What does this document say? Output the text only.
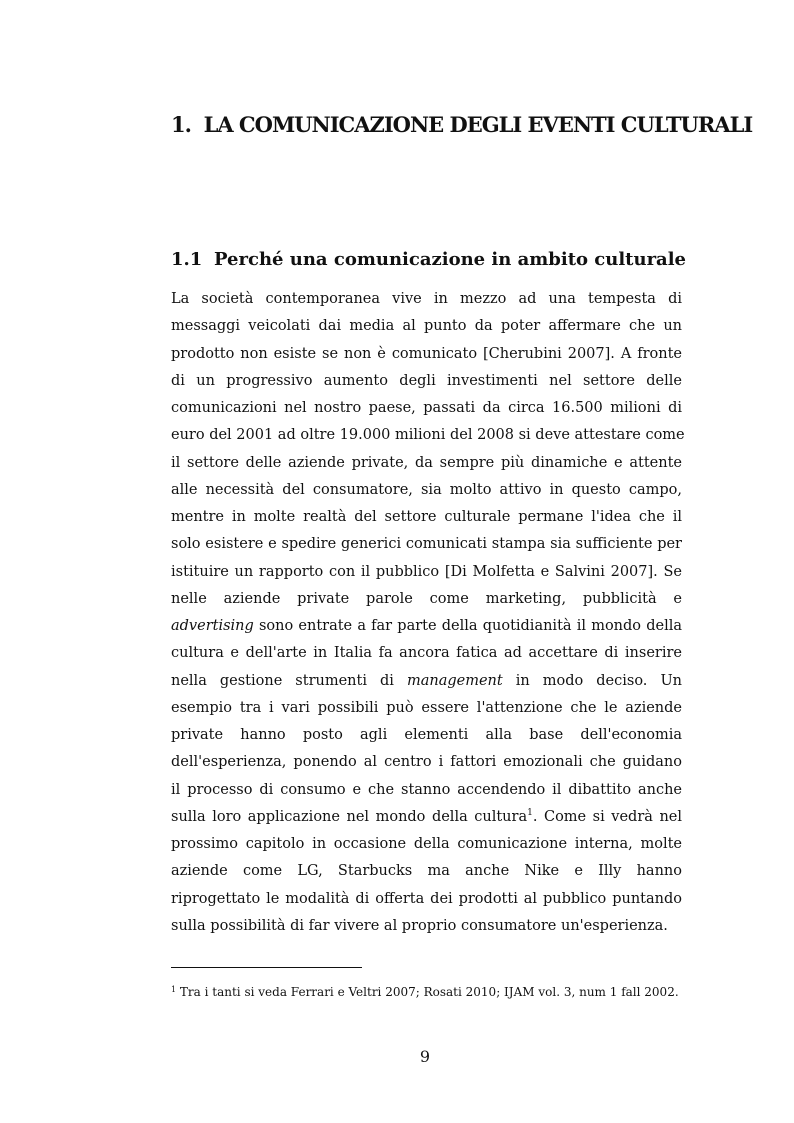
1. LA COMUNICAZIONE DEGLI EVENTI CULTURALI
1.1 Perché una comunicazione in ambito culturale
La società contemporanea vive in mezzo ad una tempesta di
messaggi veicolati dai media al punto da poter affermare che un
prodotto non esiste se non è comunicato [Cherubini 2007]. A fronte
di un progressivo aumento degli investimenti nel settore delle
comunicazioni nel nostro paese, passati da circa 16.500 milioni di
euro del 2001 ad oltre 19.000 milioni del 2008 si deve attestare come
il settore delle aziende private, da sempre più dinamiche e attente
alle necessità del consumatore, sia molto attivo in questo campo,
mentre in molte realtà del settore culturale permane l'idea che il
solo esistere e spedire generici comunicati stampa sia sufficiente per
istituire un rapporto con il pubblico [Di Molfetta e Salvini 2007]. Se
nelle aziende private parole come marketing, pubblicità e
advertising sono entrate a far parte della quotidianità il mondo della
cultura e dell'arte in Italia fa ancora fatica ad accettare di inserire
nella gestione strumenti di management in modo deciso. Un
esempio tra i vari possibili può essere l'attenzione che le aziende
private hanno posto agli elementi alla base dell'economia
dell'esperienza, ponendo al centro i fattori emozionali che guidano
il processo di consumo e che stanno accendendo il dibattito anche
sulla loro applicazione nel mondo della cultura$^1$. Come si vedrà nel
prossimo capitolo in occasione della comunicazione interna, molte
aziende come LG, Starbucks ma anche Nike e Illy hanno
riprogettato le modalità di offerta dei prodotti al pubblico puntando
sulla possibilità di far vivere al proprio consumatore un'esperienza.
$^1$ Tra i tanti si veda Ferrari e Veltri 2007; Rosati 2010; IJAM vol. 3, num 1 fall 2002.
9
